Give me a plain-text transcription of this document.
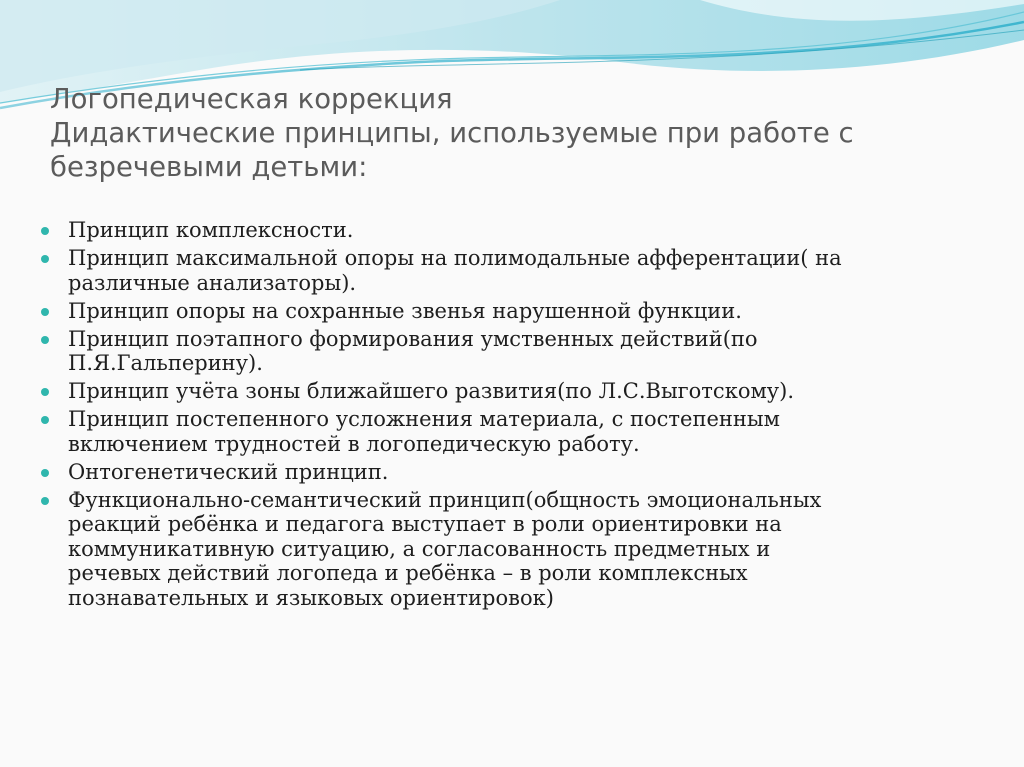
Логопедическая коррекция
Дидактические принципы, используемые при работе с
безречевыми детьми:
Принцип комплексности.
Принцип максимальной опоры на полимодальные афферентации( на
различные анализаторы).
Принцип опоры на сохранные звенья нарушенной функции.
Принцип поэтапного формирования умственных действий(по
П.Я.Гальперину).
Принцип учёта зоны ближайшего развития(по Л.С.Выготскому).
Принцип постепенного усложнения материала, с постепенным
включением трудностей в логопедическую работу.
Онтогенетический принцип.
Функционально-семантический принцип(общность эмоциональных
реакций ребёнка и педагога выступает в роли ориентировки на
коммуникативную ситуацию, а согласованность предметных и
речевых действий логопеда и ребёнка – в роли комплексных
познавательных и языковых ориентировок)
